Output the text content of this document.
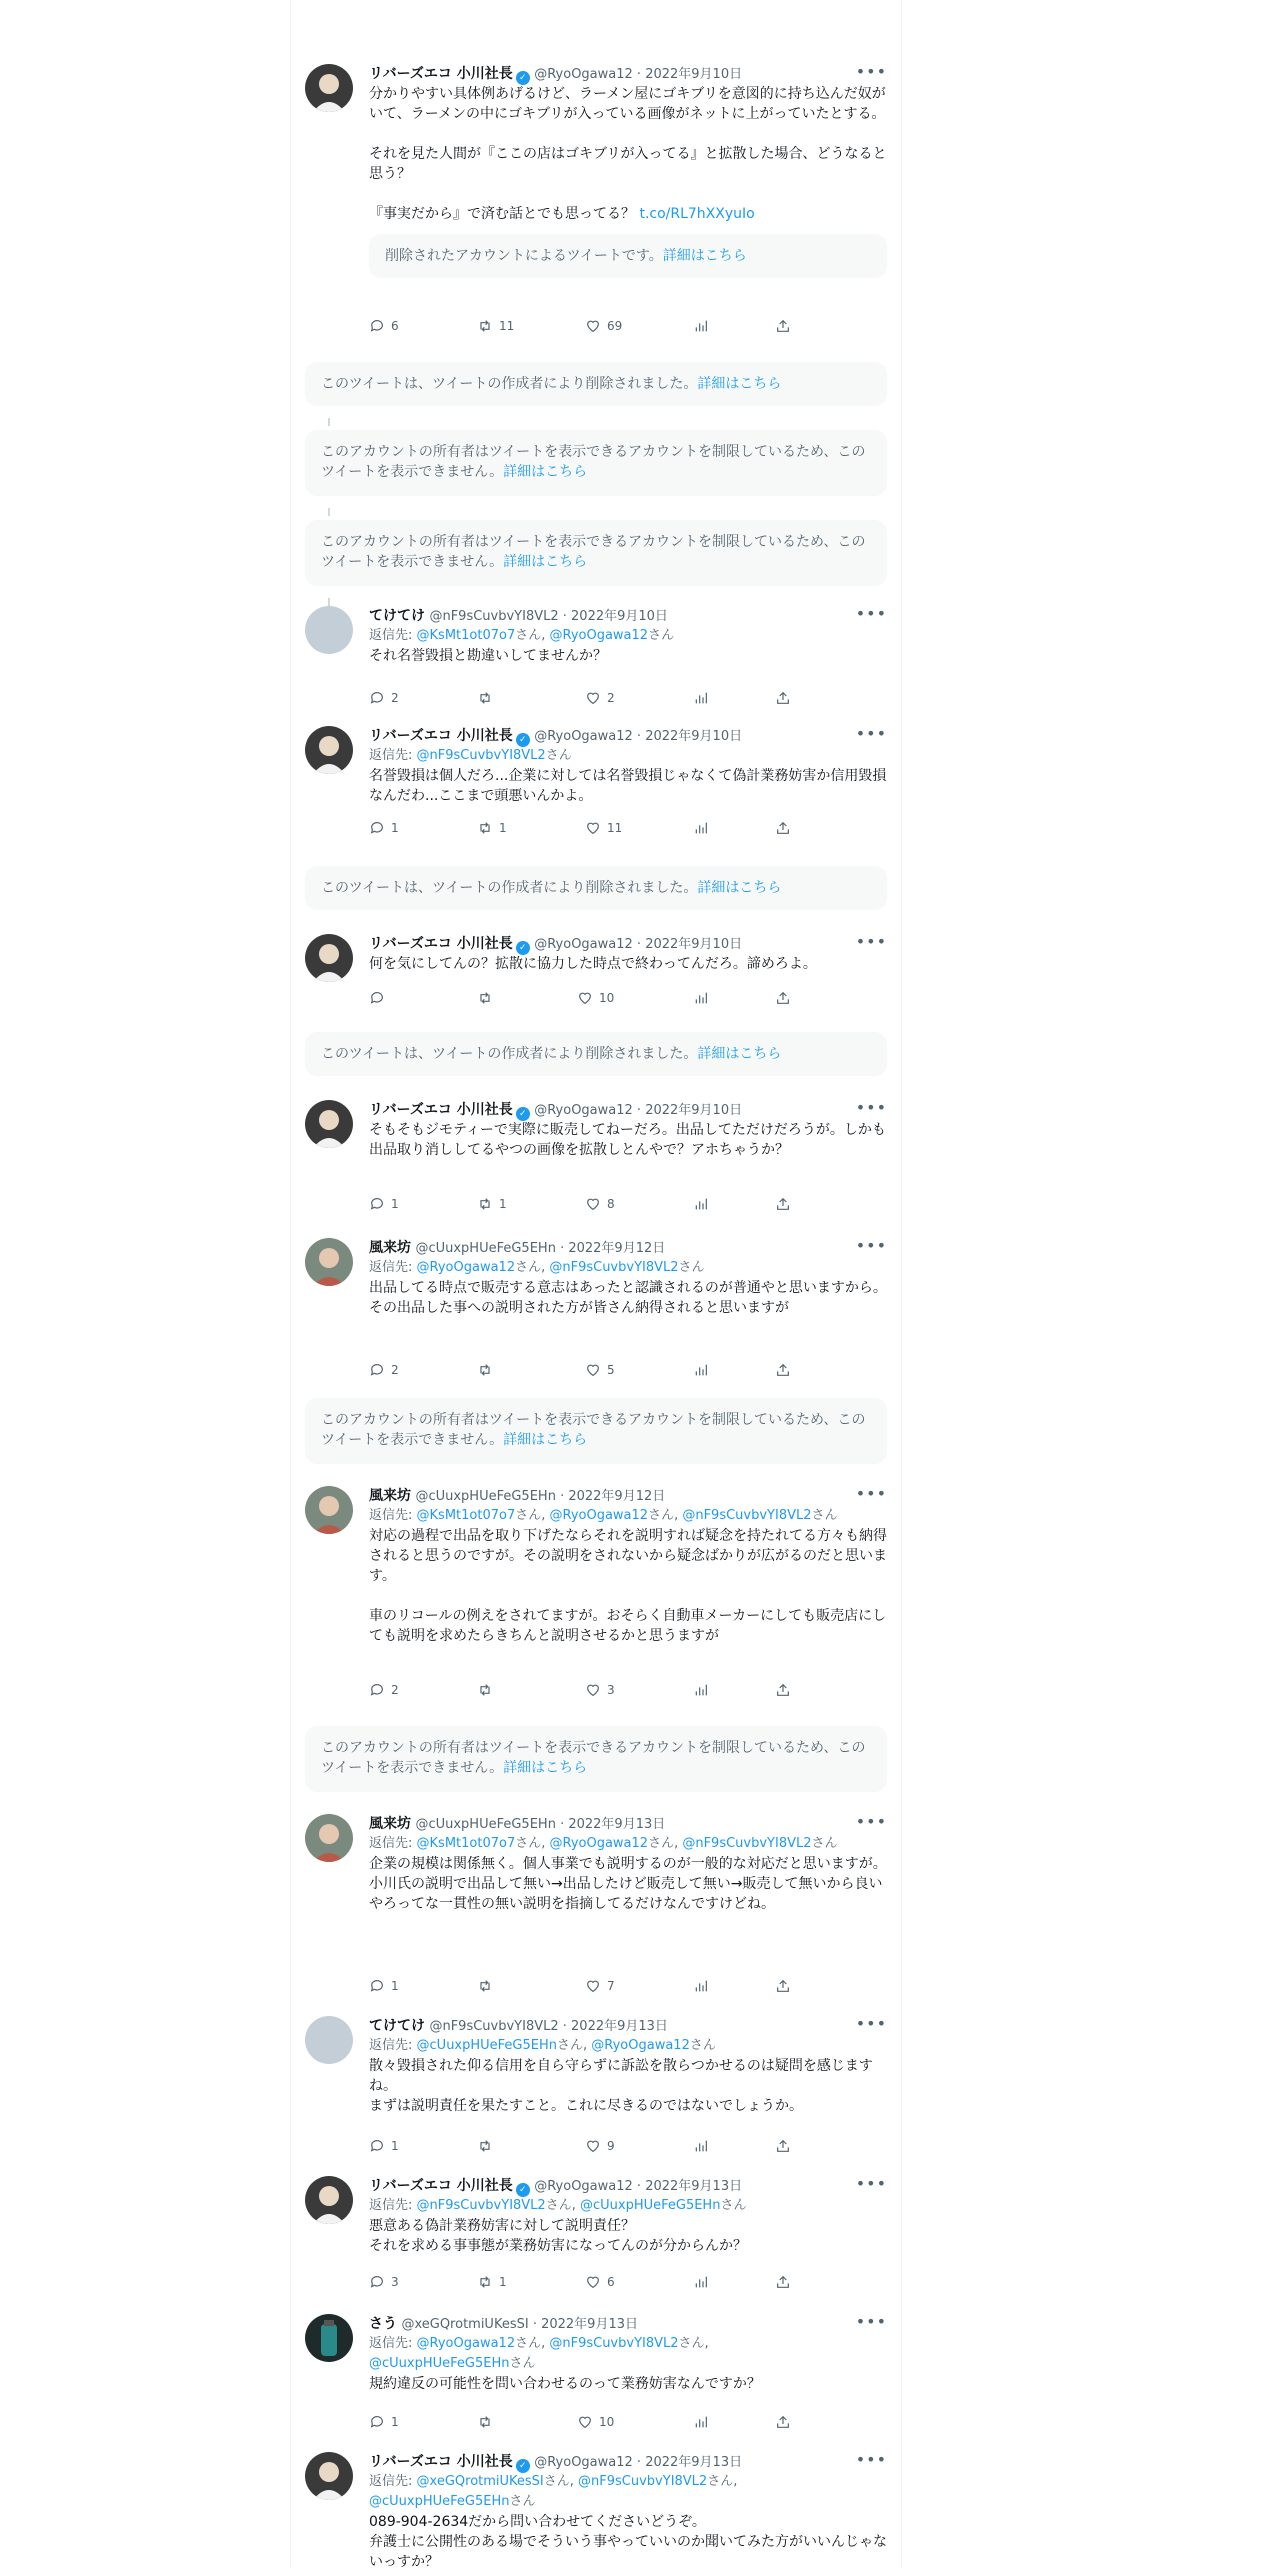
リバーズエコ 小川社長 ✓ @RyoOgawa12 · 2022年9月10日	•••
分かりやすい具体例あげるけど、ラーメン屋にゴキブリを意図的に持ち込んだ奴がいて、ラーメンの中にゴキブリが入っている画像がネットに上がっていたとする。

それを見た人間が『ここの店はゴキブリが入ってる』と拡散した場合、どうなると思う？

『事実だから』で済む話とでも思ってる？ t.co/RL7hXXyuIo
削除されたアカウントによるツイートです。詳細はこちら
6	11	69
このツイートは、ツイートの作成者により削除されました。詳細はこちら
このアカウントの所有者はツイートを表示できるアカウントを制限しているため、このツイートを表示できません。詳細はこちら
このアカウントの所有者はツイートを表示できるアカウントを制限しているため、このツイートを表示できません。詳細はこちら
てけてけ @nF9sCuvbvYI8VL2 · 2022年9月10日	•••
返信先: @KsMt1ot07o7さん, @RyoOgawa12さん
それ名誉毀損と勘違いしてませんか？
2	2
リバーズエコ 小川社長 ✓ @RyoOgawa12 · 2022年9月10日	•••
返信先: @nF9sCuvbvYI8VL2さん
名誉毀損は個人だろ...企業に対しては名誉毀損じゃなくて偽計業務妨害か信用毀損なんだわ...ここまで頭悪いんかよ。
1	1	11
このツイートは、ツイートの作成者により削除されました。詳細はこちら
リバーズエコ 小川社長 ✓ @RyoOgawa12 · 2022年9月10日	•••
何を気にしてんの？拡散に協力した時点で終わってんだろ。諦めろよ。
10
このツイートは、ツイートの作成者により削除されました。詳細はこちら
リバーズエコ 小川社長 ✓ @RyoOgawa12 · 2022年9月10日	•••
そもそもジモティーで実際に販売してねーだろ。出品してただけだろうが。しかも出品取り消ししてるやつの画像を拡散しとんやで？アホちゃうか？
1	1	8
風来坊 @cUuxpHUeFeG5EHn · 2022年9月12日	•••
返信先: @RyoOgawa12さん, @nF9sCuvbvYI8VL2さん
出品してる時点で販売する意志はあったと認識されるのが普通やと思いますから。その出品した事への説明された方が皆さん納得されると思いますが
2	5
このアカウントの所有者はツイートを表示できるアカウントを制限しているため、このツイートを表示できません。詳細はこちら
風来坊 @cUuxpHUeFeG5EHn · 2022年9月12日	•••
返信先: @KsMt1ot07o7さん, @RyoOgawa12さん, @nF9sCuvbvYI8VL2さん
対応の過程で出品を取り下げたならそれを説明すれば疑念を持たれてる方々も納得されると思うのですが。その説明をされないから疑念ばかりが広がるのだと思います。

車のリコールの例えをされてますが。おそらく自動車メーカーにしても販売店にしても説明を求めたらきちんと説明させるかと思うますが
2	3
このアカウントの所有者はツイートを表示できるアカウントを制限しているため、このツイートを表示できません。詳細はこちら
風来坊 @cUuxpHUeFeG5EHn · 2022年9月13日	•••
返信先: @KsMt1ot07o7さん, @RyoOgawa12さん, @nF9sCuvbvYI8VL2さん
企業の規模は関係無く。個人事業でも説明するのが一般的な対応だと思いますが。小川氏の説明で出品して無い→出品したけど販売して無い→販売して無いから良いやろってな一貫性の無い説明を指摘してるだけなんですけどね。
1	7
てけてけ @nF9sCuvbvYI8VL2 · 2022年9月13日	•••
返信先: @cUuxpHUeFeG5EHnさん, @RyoOgawa12さん
散々毀損された仰る信用を自ら守らずに訴訟を散らつかせるのは疑問を感じますね。
まずは説明責任を果たすこと。これに尽きるのではないでしょうか。
1	9
リバーズエコ 小川社長 ✓ @RyoOgawa12 · 2022年9月13日	•••
返信先: @nF9sCuvbvYI8VL2さん, @cUuxpHUeFeG5EHnさん
悪意ある偽計業務妨害に対して説明責任？
それを求める事事態が業務妨害になってんのが分からんか？
3	1	6
さう @xeGQrotmiUKesSI · 2022年9月13日	•••
返信先: @RyoOgawa12さん, @nF9sCuvbvYI8VL2さん,
@cUuxpHUeFeG5EHnさん
規約違反の可能性を問い合わせるのって業務妨害なんですか？
1	10
リバーズエコ 小川社長 ✓ @RyoOgawa12 · 2022年9月13日	•••
返信先: @xeGQrotmiUKesSIさん, @nF9sCuvbvYI8VL2さん,
@cUuxpHUeFeG5EHnさん
089-904-2634だから問い合わせてくださいどうぞ。
弁護士に公開性のある場でそういう事やっていいのか聞いてみた方がいいんじゃないっすか？
